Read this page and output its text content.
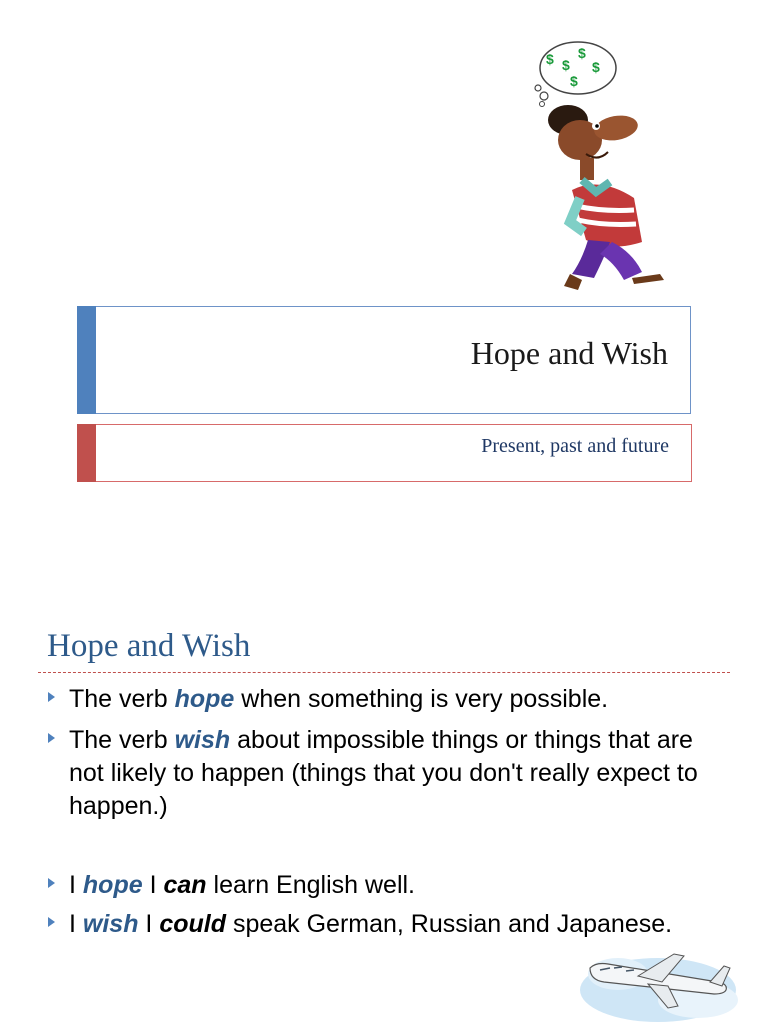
$ $
$
$
$
Hope and Wish
Present, past and future
Hope and Wish
The verb hope when something is very possible.
The verb wish about impossible things or things that are not likely to happen (things that you don't really expect to happen.)
I hope I can learn English well.
I wish I could speak German, Russian and Japanese.
